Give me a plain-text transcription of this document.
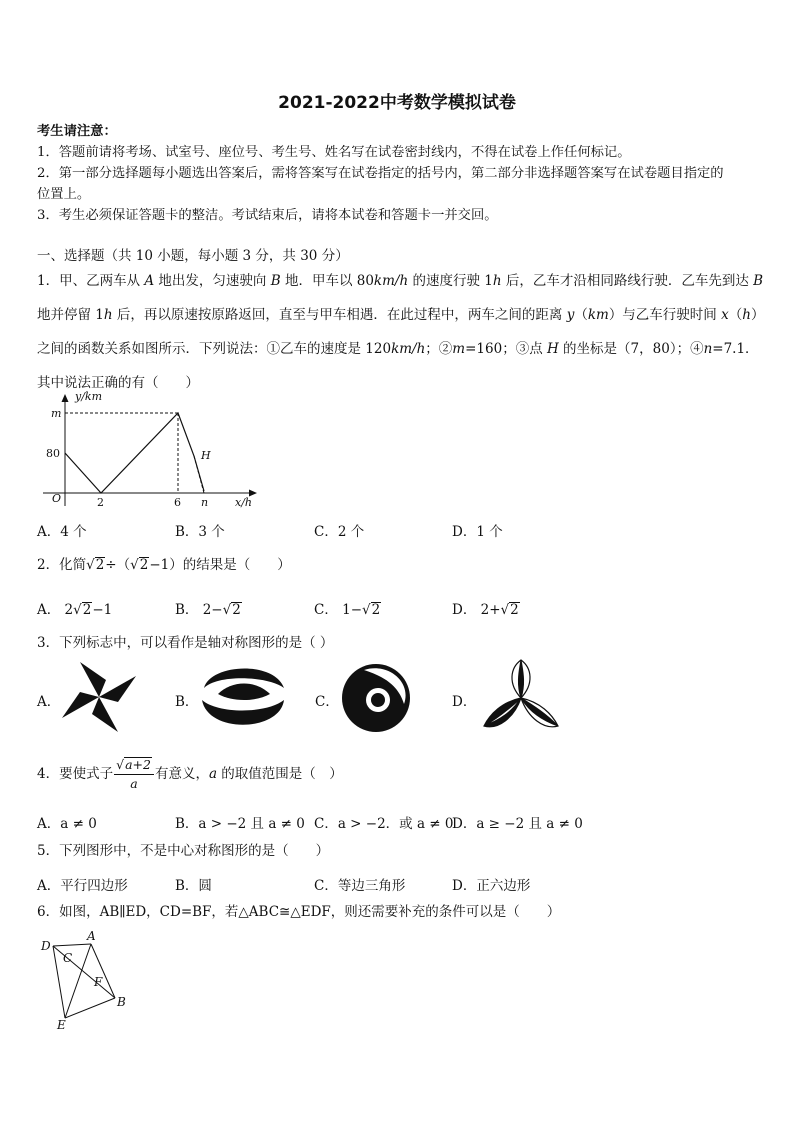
2021-2022中考数学模拟试卷

考生请注意：

1．答题前请将考场、试室号、座位号、考生号、姓名写在试卷密封线内，不得在试卷上作任何标记。

2．第一部分选择题每小题选出答案后，需将答案写在试卷指定的括号内，第二部分非选择题答案写在试卷题目指定的

位置上。

3．考生必须保证答题卡的整洁。考试结束后，请将本试卷和答题卡一并交回。

一、选择题（共 10 小题，每小题 3 分，共 30 分）
1．甲、乙两车从 A 地出发，匀速驶向 B 地．甲车以 80km/h 的速度行驶 1h 后，乙车才沿相同路线行驶．乙车先到达 B 地并停留 1h 后，再以原速按原路返回，直至与甲车相遇．在此过程中，两车之间的距离 y（km）与乙车行驶时间 x（h）之间的函数关系如图所示．下列说法：①乙车的速度是 120km/h；②m=160；③点 H 的坐标是（7，80）；④n=7.1．其中说法正确的有（　　）
y/km
x/h
O
m
80
2	6 n
H
A．4 个	B．3 个	C．2 个	D．1 个
2．化简√2÷（√2−1）的结果是（　　）
A． 2√2−1	B． 2−√2	C． 1−√2	D． 2+√2
3．下列标志中，可以看作是轴对称图形的是（ ）
A．	B．	C．	D．
4．要使式子 $\frac{√a+2}{a}$ 有意义，a 的取值范围是（　）
A．a ≠ 0	B．a > −2 且 a ≠ 0 C．a > −2．或 a ≠ 0
D．a ≥ −2 且 a ≠ 0
5．下列图形中，不是中心对称图形的是（　　）
A．平行四边形	B．圆	C．等边三角形	D．正六边形
6．如图，AB∥ED，CD=BF，若△ABC≅△EDF，则还需要补充的条件可以是（　　）
D
A
C
F
B
E
